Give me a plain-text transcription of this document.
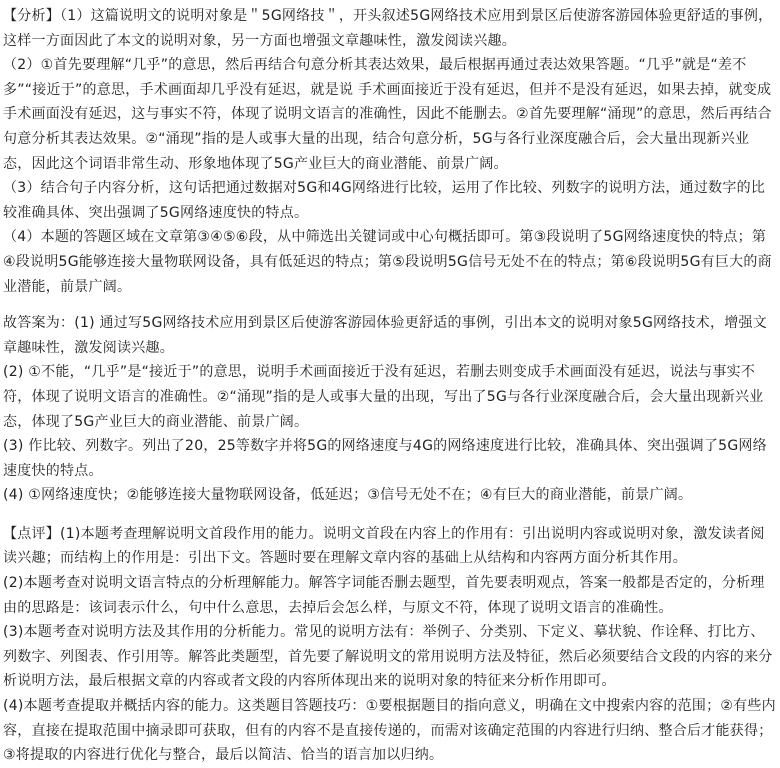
【分析】（1）这篇说明文的说明对象是＂5G网络技＂，开头叙述5G网络技术应用到景区后使游客游园体验更舒适的事例，这样一方面因此了本文的说明对象，另一方面也增强文章趣味性，激发阅读兴趣。

（2）①首先要理解“几乎”的意思，然后再结合句意分析其表达效果，最后根据再通过表达效果答题。“几乎”就是“差不多”“接近于”的意思，手术画面却几乎没有延迟，就是说 手术画面接近于没有延迟，但并不是没有延迟，如果去掉，就变成手术画面没有延迟，这与事实不符，体现了说明文语言的准确性，因此不能删去。②首先要理解“涌现”的意思，然后再结合句意分析其表达效果。②“涌现”指的是人或事大量的出现，结合句意分析，5G与各行业深度融合后，会大量出现新兴业态，因此这个词语非常生动、形象地体现了5G产业巨大的商业潜能、前景广阔。

（3）结合句子内容分析，这句话把通过数据对5G和4G网络进行比较，运用了作比较、列数字的说明方法，通过数字的比较准确具体、突出强调了5G网络速度快的特点。

（4）本题的答题区域在文章第③④⑤⑥段，从中筛选出关键词或中心句概括即可。第③段说明了5G网络速度快的特点；第④段说明5G能够连接大量物联网设备，具有低延迟的特点；第⑤段说明5G信号无处不在的特点；第⑥段说明5G有巨大的商业潜能，前景广阔。

故答案为：(1) 通过写5G网络技术应用到景区后使游客游园体验更舒适的事例，引出本文的说明对象5G网络技术，增强文章趣味性，激发阅读兴趣。

(2) ①不能，“几乎”是“接近于”的意思，说明手术画面接近于没有延迟，若删去则变成手术画面没有延迟，说法与事实不符，体现了说明文语言的准确性。②“涌现”指的是人或事大量的出现，写出了5G与各行业深度融合后，会大量出现新兴业态，体现了5G产业巨大的商业潜能、前景广阔。

(3) 作比较、列数字。列出了20，25等数字并将5G的网络速度与4G的网络速度进行比较，准确具体、突出强调了5G网络速度快的特点。

(4) ①网络速度快；②能够连接大量物联网设备，低延迟；③信号无处不在；④有巨大的商业潜能，前景广阔。

【点评】(1)本题考查理解说明文首段作用的能力。说明文首段在内容上的作用有：引出说明内容或说明对象，激发读者阅读兴趣；而结构上的作用是：引出下文。答题时要在理解文章内容的基础上从结构和内容两方面分析其作用。

(2)本题考查对说明文语言特点的分析理解能力。解答字词能否删去题型，首先要表明观点，答案一般都是否定的，分析理由的思路是：该词表示什么，句中什么意思，去掉后会怎么样，与原文不符，体现了说明文语言的准确性。

(3)本题考查对说明方法及其作用的分析能力。常见的说明方法有：举例子、分类别、下定义、摹状貌、作诠释、打比方、列数字、列图表、作引用等。解答此类题型，首先要了解说明文的常用说明方法及特征，然后必须要结合文段的内容的来分析说明方法，最后根据文章的内容或者文段的内容所体现出来的说明对象的特征来分析作用即可。

(4)本题考查提取并概括内容的能力。这类题目答题技巧：①要根据题目的指向意义，明确在文中搜索内容的范围；②有些内容，直接在提取范围中摘录即可获取，但有的内容不是直接传递的，而需对该确定范围的内容进行归纳、整合后才能获得；③将提取的内容进行优化与整合，最后以简洁、恰当的语言加以归纳。
